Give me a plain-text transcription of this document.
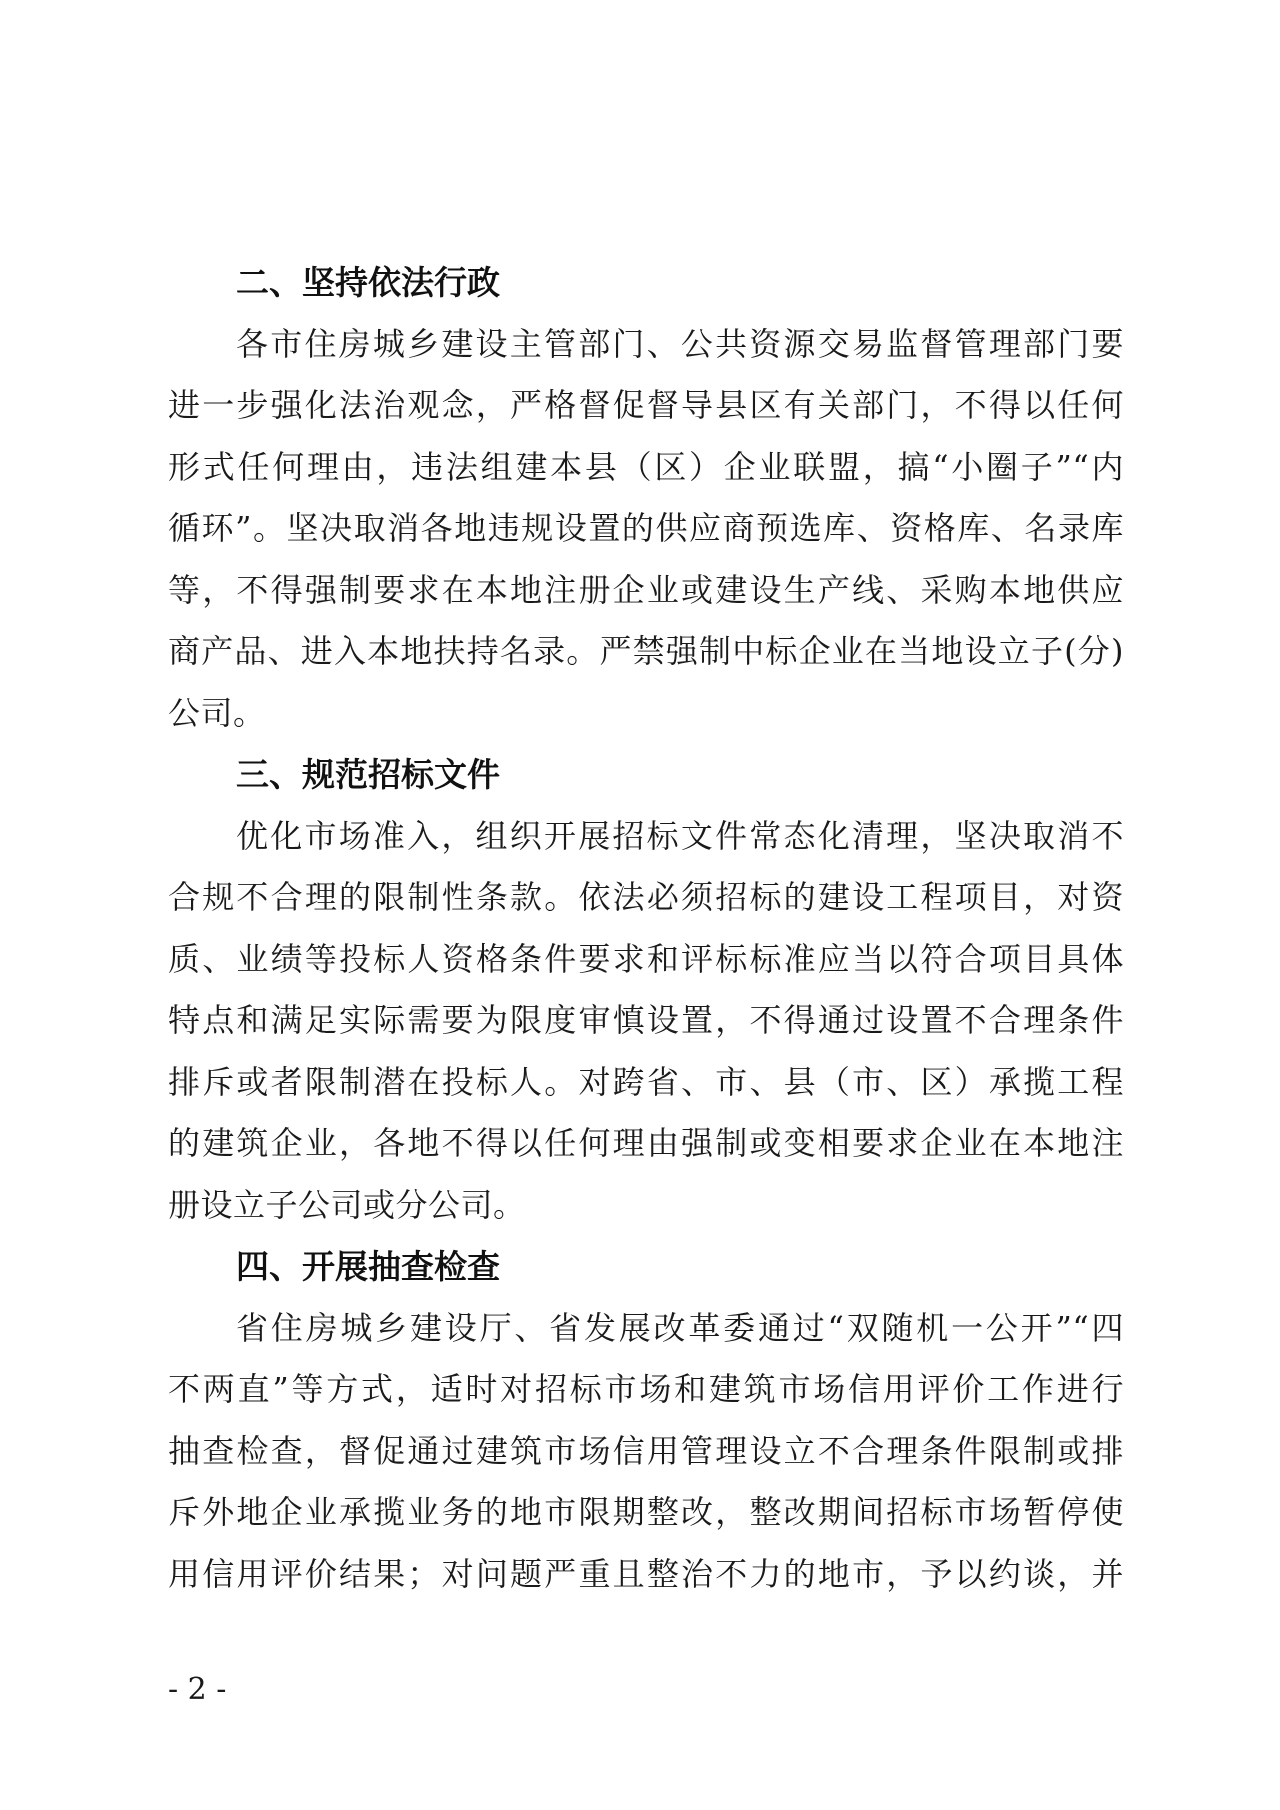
二、坚持依法行政
各市住房城乡建设主管部门、公共资源交易监督管理部门要
进一步强化法治观念，严格督促督导县区有关部门，不得以任何
形式任何理由，违法组建本县（区）企业联盟，搞“小圈子”“内
循环”。坚决取消各地违规设置的供应商预选库、资格库、名录库
等，不得强制要求在本地注册企业或建设生产线、采购本地供应
商产品、进入本地扶持名录。严禁强制中标企业在当地设立子(分)
公司。
三、规范招标文件
优化市场准入，组织开展招标文件常态化清理，坚决取消不
合规不合理的限制性条款。依法必须招标的建设工程项目，对资
质、业绩等投标人资格条件要求和评标标准应当以符合项目具体
特点和满足实际需要为限度审慎设置，不得通过设置不合理条件
排斥或者限制潜在投标人。对跨省、市、县（市、区）承揽工程
的建筑企业，各地不得以任何理由强制或变相要求企业在本地注
册设立子公司或分公司。
四、开展抽查检查
省住房城乡建设厅、省发展改革委通过“双随机一公开”“四
不两直”等方式，适时对招标市场和建筑市场信用评价工作进行
抽查检查，督促通过建筑市场信用管理设立不合理条件限制或排
斥外地企业承揽业务的地市限期整改，整改期间招标市场暂停使
用信用评价结果；对问题严重且整治不力的地市，予以约谈，并
- 2 -
